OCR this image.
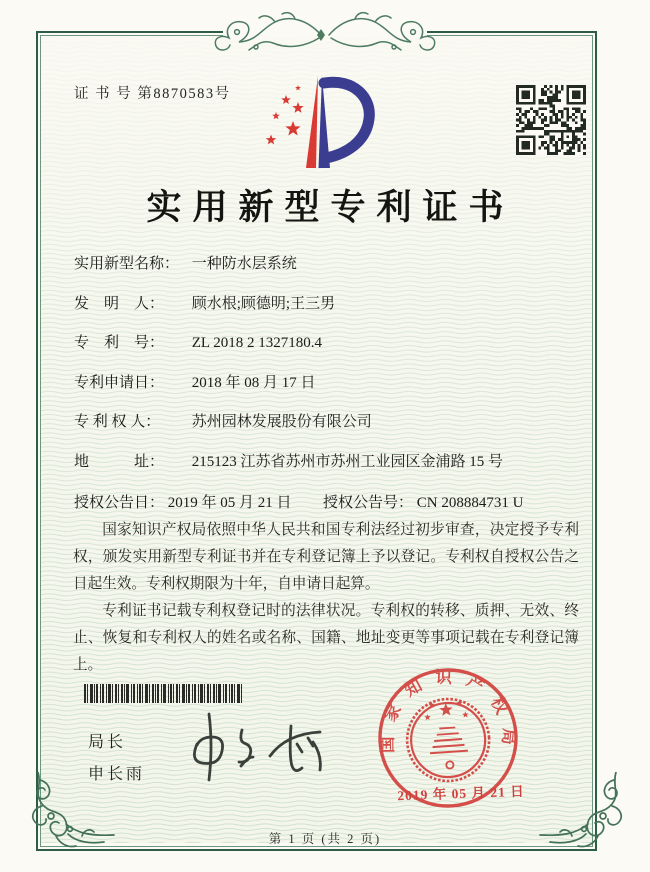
证 书 号 第8870583号
实用新型专利证书
实用新型名称： 一种防水层系统
发　明　人： 顾水根;顾德明;王三男
专　利　号： ZL 2018 2 1327180.4
专利申请日： 2018 年 08 月 17 日
专 利 权 人： 苏州园林发展股份有限公司
地　　　址： 215123 江苏省苏州市苏州工业园区金浦路 15 号
授权公告日： 2019 年 05 月 21 日 授权公告号： CN 208884731 U

国家知识产权局依照中华人民共和国专利法经过初步审查，决定授予专利权，颁发实用新型专利证书并在专利登记簿上予以登记。专利权自授权公告之日起生效。专利权期限为十年，自申请日起算。

专利证书记载专利权登记时的法律状况。专利权的转移、质押、无效、终止、恢复和专利权人的姓名或名称、国籍、地址变更等事项记载在专利登记簿上。

局长
申长雨
国家知识产权局
2019 年 05 月 21 日
第 1 页 (共 2 页)
